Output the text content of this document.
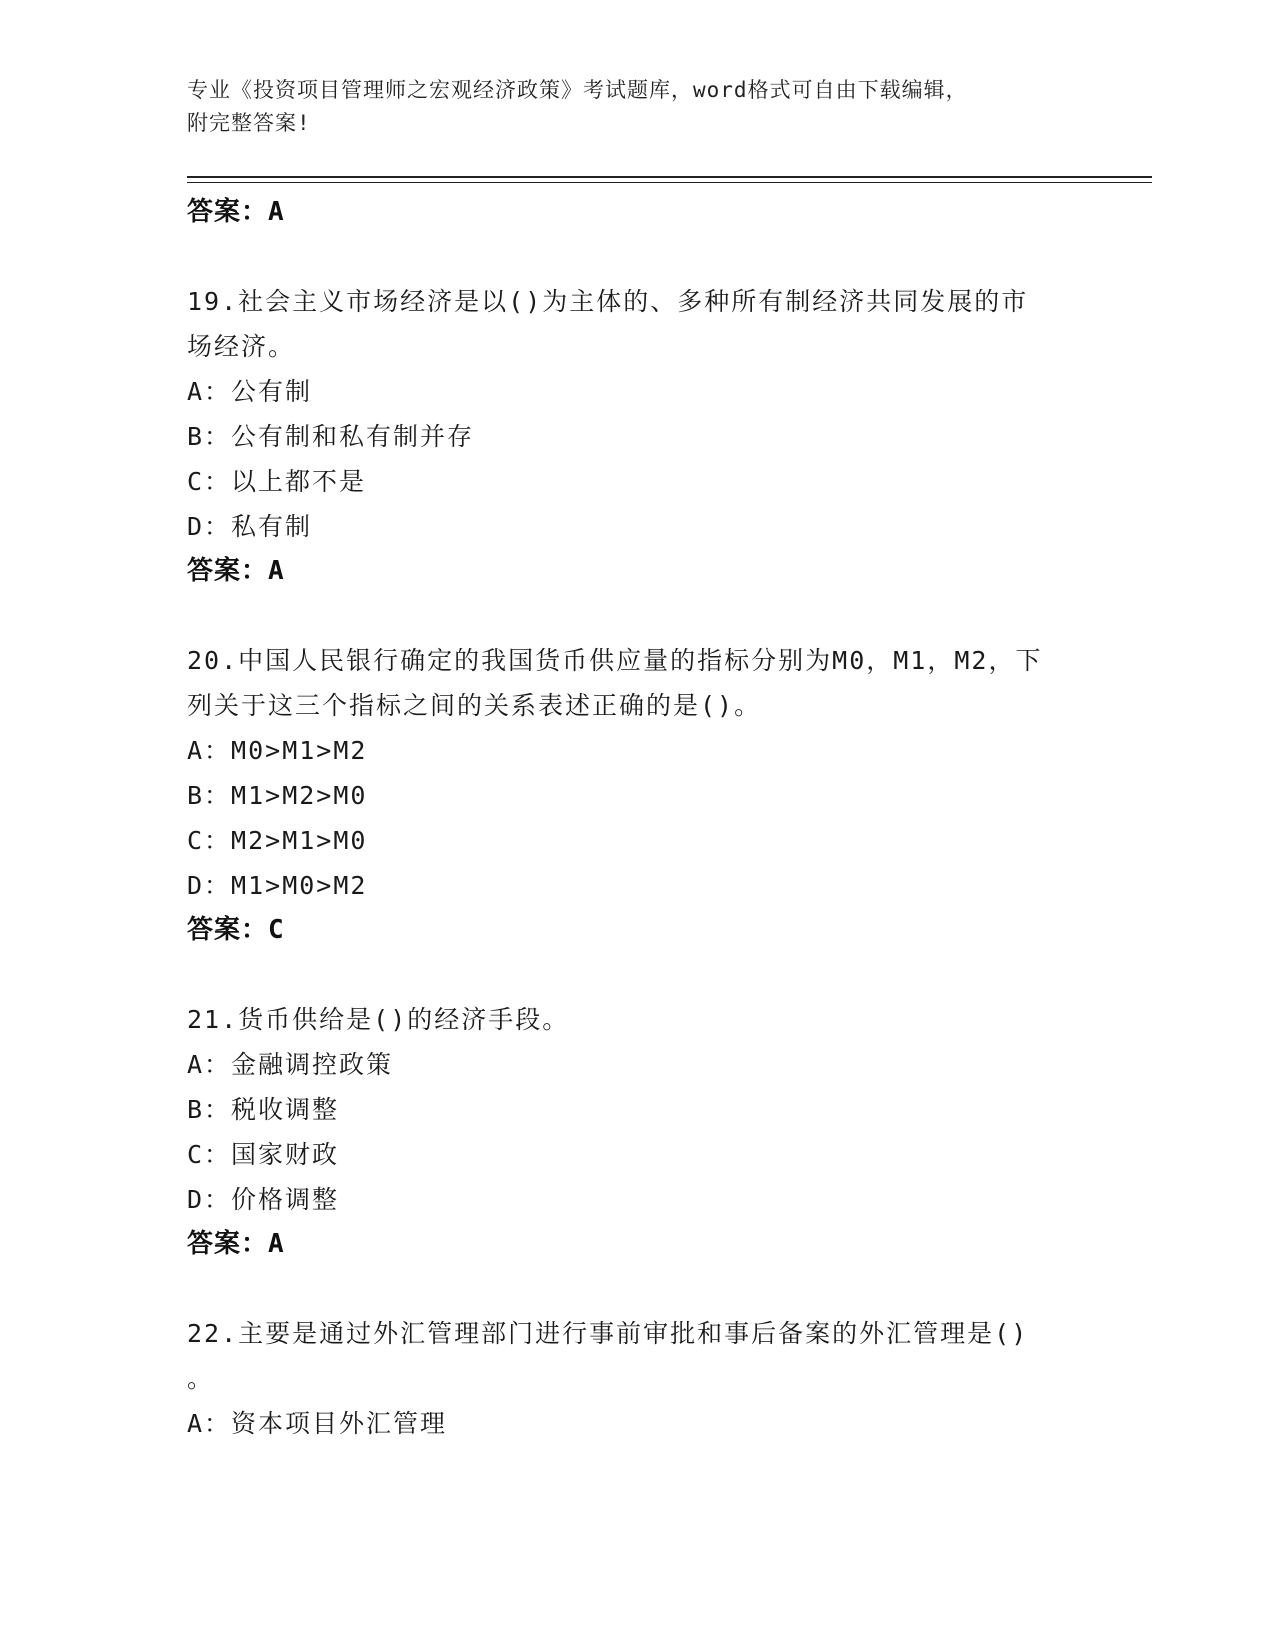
专业《投资项目管理师之宏观经济政策》考试题库，word格式可自由下载编辑，
附完整答案!
答案：A
19.社会主义市场经济是以()为主体的、多种所有制经济共同发展的市
场经济。
A：公有制
B：公有制和私有制并存
C：以上都不是
D：私有制
答案：A
20.中国人民银行确定的我国货币供应量的指标分别为M0，M1，M2，下
列关于这三个指标之间的关系表述正确的是()。
A：M0>M1>M2
B：M1>M2>M0
C：M2>M1>M0
D：M1>M0>M2
答案：C
21.货币供给是()的经济手段。
A：金融调控政策
B：税收调整
C：国家财政
D：价格调整
答案：A
22.主要是通过外汇管理部门进行事前审批和事后备案的外汇管理是()
。
A：资本项目外汇管理
